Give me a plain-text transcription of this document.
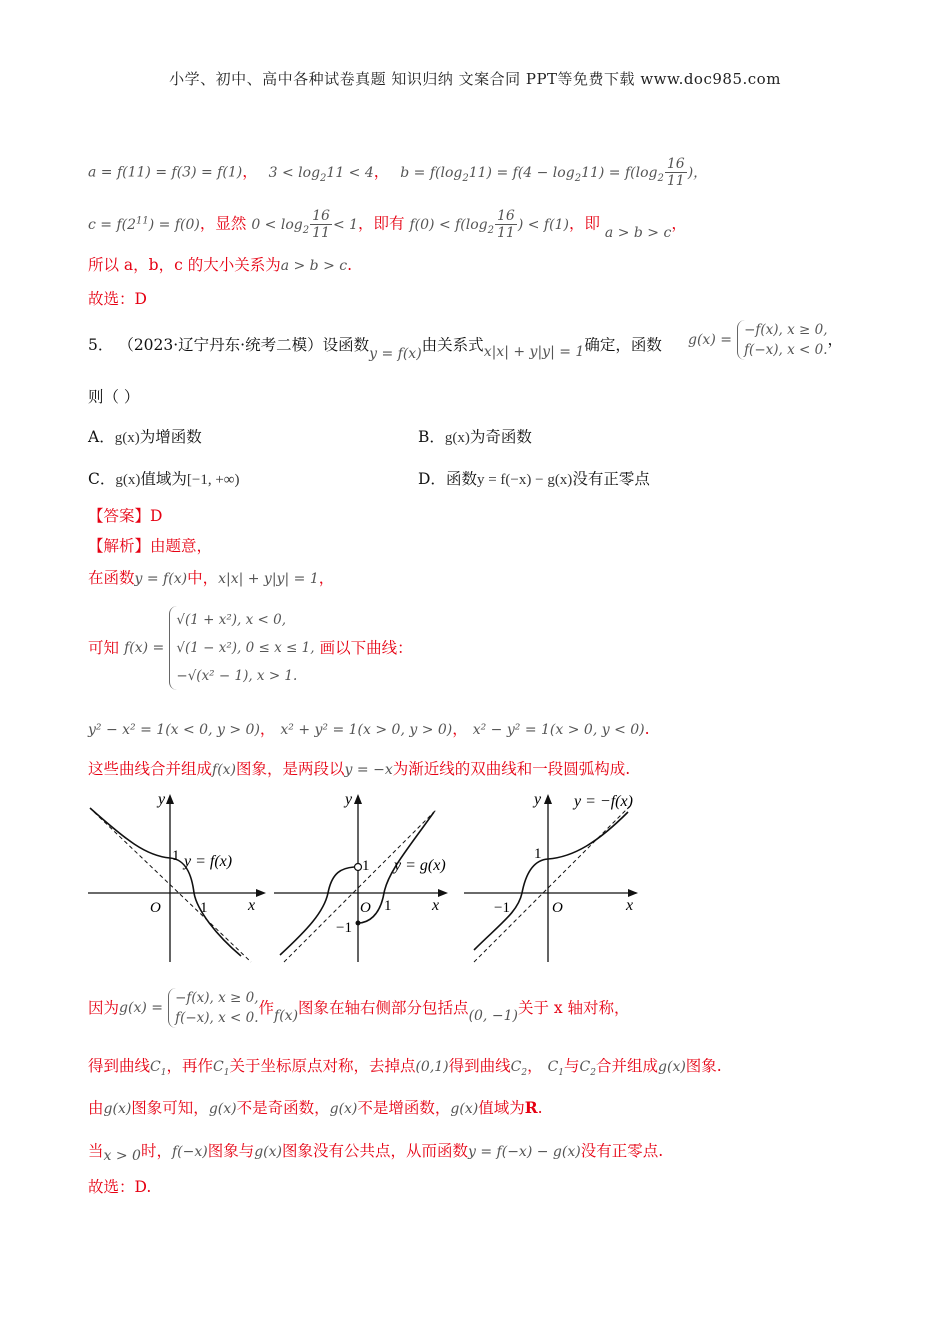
小学、初中、高中各种试卷真题 知识归纳 文案合同 PPT等免费下载 www.doc985.com
a = f(11) = f(3) = f(1)， $3 < \log_211 < 4$， $b = f(\log_211) = f(4 - \log_211) = f(\log_2 \frac{16}{11}$ )，
$c = f(2^{11}) = f(0)$，显然 $0 < \log_2 \frac{16}{11} < 1$，即有 $f(0) < f(\log_2 \frac{16}{11}$ ) < f(1)，即 a > b > c，
所以 a，b，c 的大小关系为a > b > c.
故选：D
5． （2023·辽宁丹东·统考二模）设函数y = f(x)由关系式x|x| + y|y| = 1确定，函数 g(x) = −f(x), x ≥ 0,
f(−x), x < 0.，
则（ ）
A．g(x)为增函数	B．g(x)为奇函数
C．g(x)值域为[−1, +∞)	D．函数y = f(−x) − g(x)没有正零点
【答案】D
【解析】由题意，
在函数y = f(x)中，x|x| + y|y| = 1，
可知 f(x) = √(1 + x²), x < 0,
√(1 − x²), 0 ≤ x ≤ 1,
−√(x² − 1), x > 1. 画以下曲线：
y² − x² = 1(x < 0, y > 0)， x² + y² = 1(x > 0, y > 0)， x² − y² = 1(x > 0, y < 0).
这些曲线合并组成f(x)图象，是两段以y = −x为渐近线的双曲线和一段圆弧构成.
y
x
O
1
1
y = f(x)
y
x
O
1
1
−1
y = g(x)
y
x
O
−1
1
y = −f(x)
因为g(x) = −f(x), x ≥ 0,
f(−x), x < 0.作f(x)图象在轴右侧部分包括点(0, −1)关于 x 轴对称，
得到曲线$C_1$，再作$C_1$关于坐标原点对称，去掉点(0,1)得到曲线$C_2$， $C_1$与$C_2$合并组成g(x)图象.
由g(x)图象可知，g(x)不是奇函数，g(x)不是增函数，g(x)值域为R.
当x > 0时，f(−x)图象与g(x)图象没有公共点，从而函数y = f(−x) − g(x)没有正零点.
故选：D.
